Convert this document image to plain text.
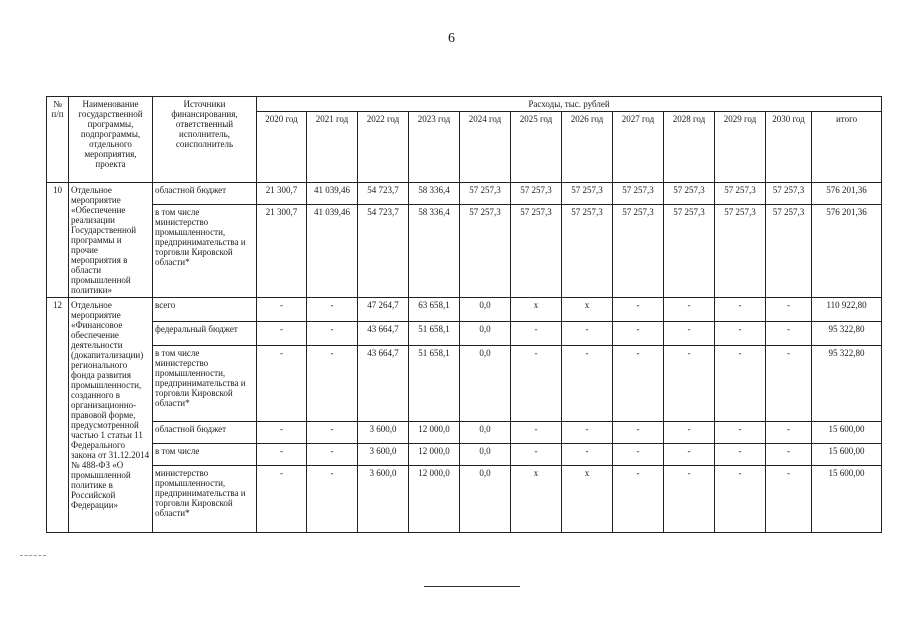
6
№ п/п	Наименование государственной программы, подпрограммы, отдельного мероприятия, проекта	Источники финансирования, ответственный исполнитель, соисполнитель	Расходы, тыс. рублей											
			2020 год	2021 год	2022 год	2023 год	2024 год	2025 год	2026 год	2027 год	2028 год	2029 год	2030 год	итого
10	Отдельное мероприятие «Обеспечение реализации Государственной программы и прочие мероприятия в области промышленной политики»	областной бюджет	21 300,7	41 039,46	54 723,7	58 336,4	57 257,3	57 257,3	57 257,3	57 257,3	57 257,3	57 257,3	57 257,3	576 201,36
		в том числе министерство промышленности, предпринимательства и торговли Кировской области*	21 300,7	41 039,46	54 723,7	58 336,4	57 257,3	57 257,3	57 257,3	57 257,3	57 257,3	57 257,3	57 257,3	576 201,36
12	Отдельное мероприятие «Финансовое обеспечение деятельности (докапитализации) регионального фонда развития промышленности, созданного в организационно-правовой форме, предусмотренной частью 1 статьи 11 Федерального закона от 31.12.2014 № 488-ФЗ «О промышленной политике в Российской Федерации»	всего	-	-	47 264,7	63 658,1	0,0	х	х	-	-	-	-	110 922,80
		федеральный бюджет	-	-	43 664,7	51 658,1	0,0	-	-	-	-	-	-	95 322,80
		в том числе министерство промышленности, предпринимательства и торговли Кировской области*	-	-	43 664,7	51 658,1	0,0	-	-	-	-	-	-	95 322,80
		областной бюджет	-	-	3 600,0	12 000,0	0,0	-	-	-	-	-	-	15 600,00
		в том числе	-	-	3 600,0	12 000,0	0,0	-	-	-	-	-	-	15 600,00
		министерство промышленности, предпринимательства и торговли Кировской области*	-	-	3 600,0	12 000,0	0,0	х	х	-	-	-	-	15 600,00
